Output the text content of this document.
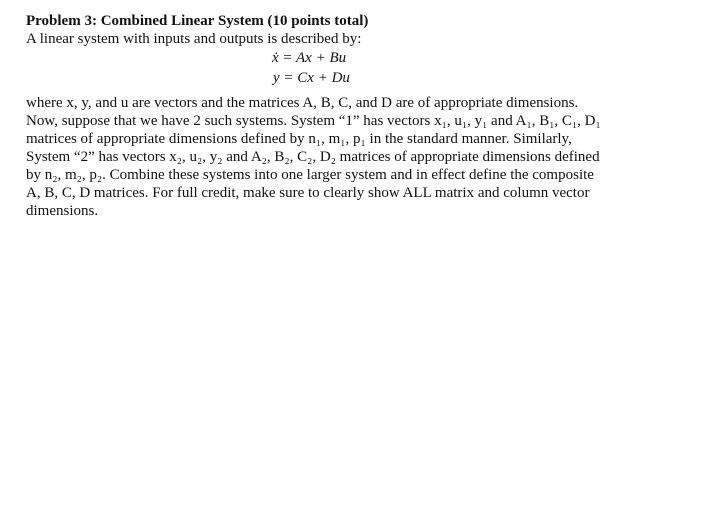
Problem 3: Combined Linear System (10 points total)
A linear system with inputs and outputs is described by:
ẋ = Ax + Bu
y = Cx + Du
where x, y, and u are vectors and the matrices A, B, C, and D are of appropriate dimensions.
Now, suppose that we have 2 such systems. System “1” has vectors x₁, u₁, y₁ and A₁, B₁, C₁, D₁
matrices of appropriate dimensions defined by n₁, m₁, p₁ in the standard manner. Similarly,
System “2” has vectors x₂, u₂, y₂ and A₂, B₂, C₂, D₂ matrices of appropriate dimensions defined
by n₂, m₂, p₂. Combine these systems into one larger system and in effect define the composite
A, B, C, D matrices. For full credit, make sure to clearly show ALL matrix and column vector
dimensions.
